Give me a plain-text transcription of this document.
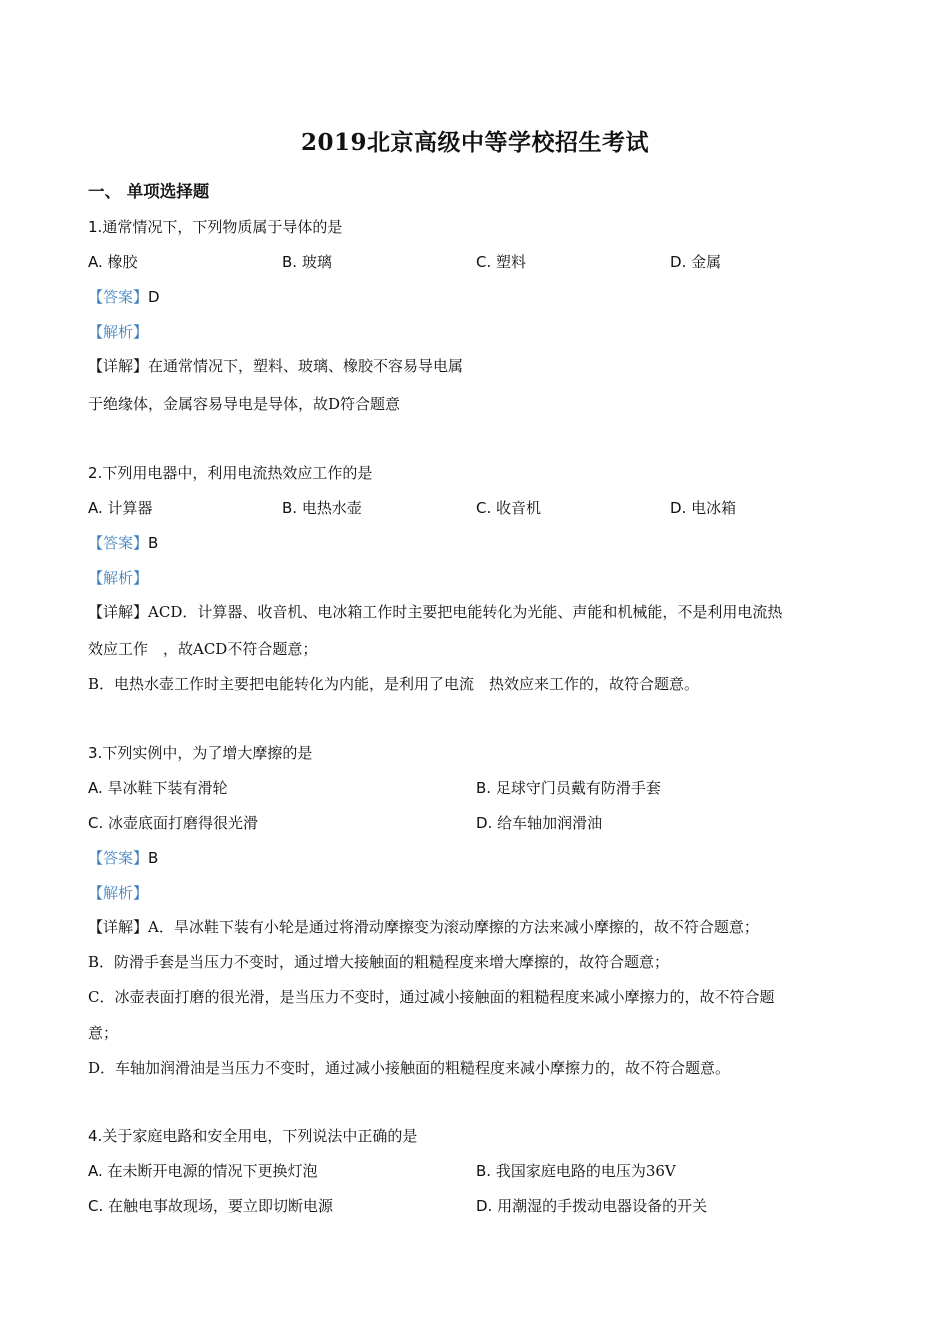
2019北京高级中等学校招生考试
一、 单项选择题
1.通常情况下，下列物质属于导体的是
A. 橡胶	B. 玻璃	C. 塑料	D. 金属
【答案】D
【解析】
【详解】在通常情况下，塑料、玻璃、橡胶不容易导电属
于绝缘体，金属容易导电是导体，故D符合题意
2.下列用电器中，利用电流热效应工作的是
A. 计算器	B. 电热水壶	C. 收音机	D. 电冰箱
【答案】B
【解析】
【详解】ACD．计算器、收音机、电冰箱工作时主要把电能转化为光能、声能和机械能，不是利用电流热
效应工作　，故ACD不符合题意；
B．电热水壶工作时主要把电能转化为内能，是利用了电流　热效应来工作的，故符合题意。
3.下列实例中，为了增大摩擦的是
A. 旱冰鞋下装有滑轮	B. 足球守门员戴有防滑手套
C. 冰壶底面打磨得很光滑	D. 给车轴加润滑油
【答案】B
【解析】
【详解】A．旱冰鞋下装有小轮是通过将滑动摩擦变为滚动摩擦的方法来减小摩擦的，故不符合题意；
B．防滑手套是当压力不变时，通过增大接触面的粗糙程度来增大摩擦的，故符合题意；
C．冰壶表面打磨的很光滑，是当压力不变时，通过减小接触面的粗糙程度来减小摩擦力的，故不符合题
意；
D．车轴加润滑油是当压力不变时，通过减小接触面的粗糙程度来减小摩擦力的，故不符合题意。
4.关于家庭电路和安全用电，下列说法中正确的是
A. 在未断开电源的情况下更换灯泡	B. 我国家庭电路的电压为36V
C. 在触电事故现场，要立即切断电源	D. 用潮湿的手拨动电器设备的开关
